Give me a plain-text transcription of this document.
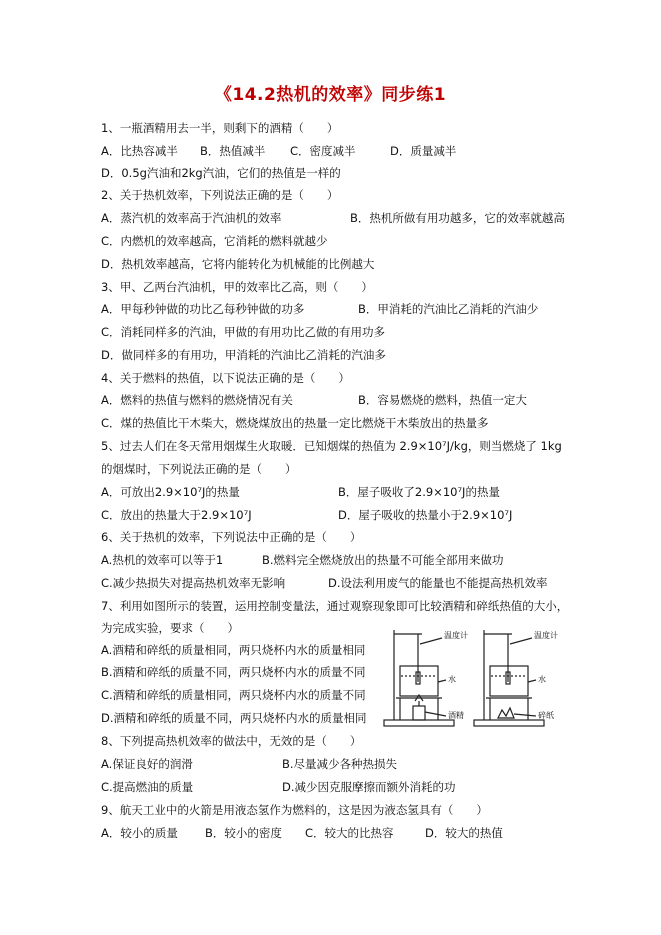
《14.2热机的效率》同步练1
1、一瓶酒精用去一半，则剩下的酒精（　　）
A．比热容减半 B．热值减半 C．密度减半	D．质量减半
D．0.5g汽油和2kg汽油，它们的热值是一样的
2、关于热机效率，下列说法正确的是（　　）
A．蒸汽机的效率高于汽油机的效率	B．热机所做有用功越多，它的效率就越高
C．内燃机的效率越高，它消耗的燃料就越少
D．热机效率越高，它将内能转化为机械能的比例越大
3、甲、乙两台汽油机，甲的效率比乙高，则（　　）
A．甲每秒钟做的功比乙每秒钟做的功多	B．甲消耗的汽油比乙消耗的汽油少
C．消耗同样多的汽油，甲做的有用功比乙做的有用功多
D．做同样多的有用功，甲消耗的汽油比乙消耗的汽油多
4、关于燃料的热值，以下说法正确的是（　　）
A．燃料的热值与燃料的燃烧情况有关	B．容易燃烧的燃料，热值一定大
C．煤的热值比干木柴大，燃烧煤放出的热量一定比燃烧干木柴放出的热量多
5、过去人们在冬天常用烟煤生火取暖．已知烟煤的热值为 2.9×10⁷J/kg，则当燃烧了 1kg
的烟煤时，下列说法正确的是（　　）
A．可放出2.9×10⁷J的热量	B．屋子吸收了2.9×10⁷J的热量
C．放出的热量大于2.9×10⁷J	D．屋子吸收的热量小于2.9×10⁷J
6、关于热机的效率，下列说法中正确的是（　　）
A.热机的效率可以等于1	B.燃料完全燃烧放出的热量不可能全部用来做功
C.减少热损失对提高热机效率无影响	D.设法利用废气的能量也不能提高热机效率
7、利用如图所示的装置，运用控制变量法，通过观察现象即可比较酒精和碎纸热值的大小，
为完成实验，要求（　　）
A.酒精和碎纸的质量相同，两只烧杯内水的质量相同
B.酒精和碎纸的质量不同，两只烧杯内水的质量不同
C.酒精和碎纸的质量相同，两只烧杯内水的质量不同
D.酒精和碎纸的质量不同，两只烧杯内水的质量相同
温度计
水
酒精
温度计
水
碎纸
8、下列提高热机效率的做法中，无效的是（　　）
A.保证良好的润滑	B.尽量减少各种热损失
C.提高燃油的质量	D.减少因克服摩擦而额外消耗的功
9、航天工业中的火箭是用液态氢作为燃料的，这是因为液态氢具有（　　）
A．较小的质量 B．较小的密度 C．较大的比热容	D．较大的热值
